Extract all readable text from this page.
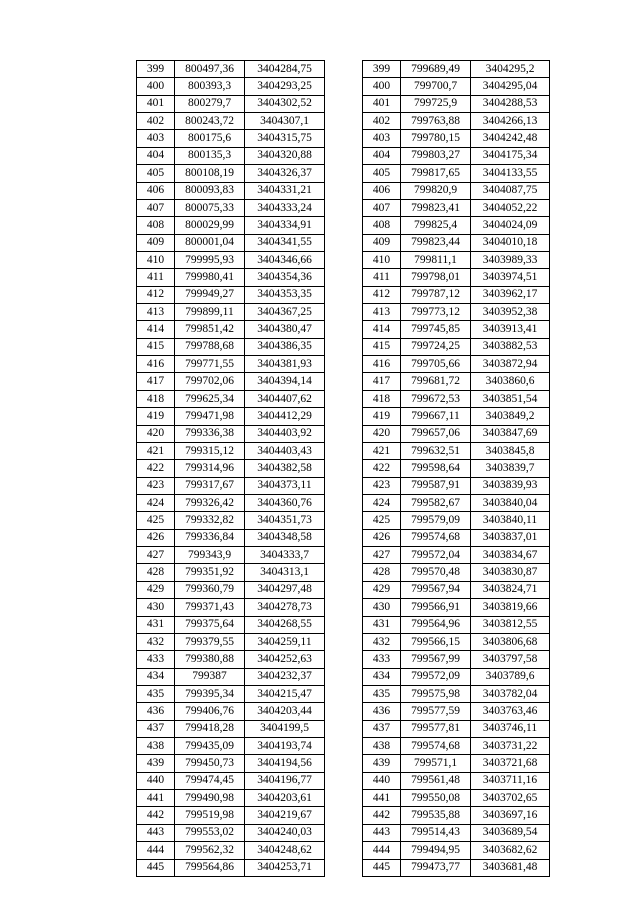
399	800497,36	3404284,75
400	800393,3	3404293,25
401	800279,7	3404302,52
402	800243,72	3404307,1
403	800175,6	3404315,75
404	800135,3	3404320,88
405	800108,19	3404326,37
406	800093,83	3404331,21
407	800075,33	3404333,24
408	800029,99	3404334,91
409	800001,04	3404341,55
410	799995,93	3404346,66
411	799980,41	3404354,36
412	799949,27	3404353,35
413	799899,11	3404367,25
414	799851,42	3404380,47
415	799788,68	3404386,35
416	799771,55	3404381,93
417	799702,06	3404394,14
418	799625,34	3404407,62
419	799471,98	3404412,29
420	799336,38	3404403,92
421	799315,12	3404403,43
422	799314,96	3404382,58
423	799317,67	3404373,11
424	799326,42	3404360,76
425	799332,82	3404351,73
426	799336,84	3404348,58
427	799343,9	3404333,7
428	799351,92	3404313,1
429	799360,79	3404297,48
430	799371,43	3404278,73
431	799375,64	3404268,55
432	799379,55	3404259,11
433	799380,88	3404252,63
434	799387	3404232,37
435	799395,34	3404215,47
436	799406,76	3404203,44
437	799418,28	3404199,5
438	799435,09	3404193,74
439	799450,73	3404194,56
440	799474,45	3404196,77
441	799490,98	3404203,61
442	799519,98	3404219,67
443	799553,02	3404240,03
444	799562,32	3404248,62
445	799564,86	3404253,71
399	799689,49	3404295,2
400	799700,7	3404295,04
401	799725,9	3404288,53
402	799763,88	3404266,13
403	799780,15	3404242,48
404	799803,27	3404175,34
405	799817,65	3404133,55
406	799820,9	3404087,75
407	799823,41	3404052,22
408	799825,4	3404024,09
409	799823,44	3404010,18
410	799811,1	3403989,33
411	799798,01	3403974,51
412	799787,12	3403962,17
413	799773,12	3403952,38
414	799745,85	3403913,41
415	799724,25	3403882,53
416	799705,66	3403872,94
417	799681,72	3403860,6
418	799672,53	3403851,54
419	799667,11	3403849,2
420	799657,06	3403847,69
421	799632,51	3403845,8
422	799598,64	3403839,7
423	799587,91	3403839,93
424	799582,67	3403840,04
425	799579,09	3403840,11
426	799574,68	3403837,01
427	799572,04	3403834,67
428	799570,48	3403830,87
429	799567,94	3403824,71
430	799566,91	3403819,66
431	799564,96	3403812,55
432	799566,15	3403806,68
433	799567,99	3403797,58
434	799572,09	3403789,6
435	799575,98	3403782,04
436	799577,59	3403763,46
437	799577,81	3403746,11
438	799574,68	3403731,22
439	799571,1	3403721,68
440	799561,48	3403711,16
441	799550,08	3403702,65
442	799535,88	3403697,16
443	799514,43	3403689,54
444	799494,95	3403682,62
445	799473,77	3403681,48
